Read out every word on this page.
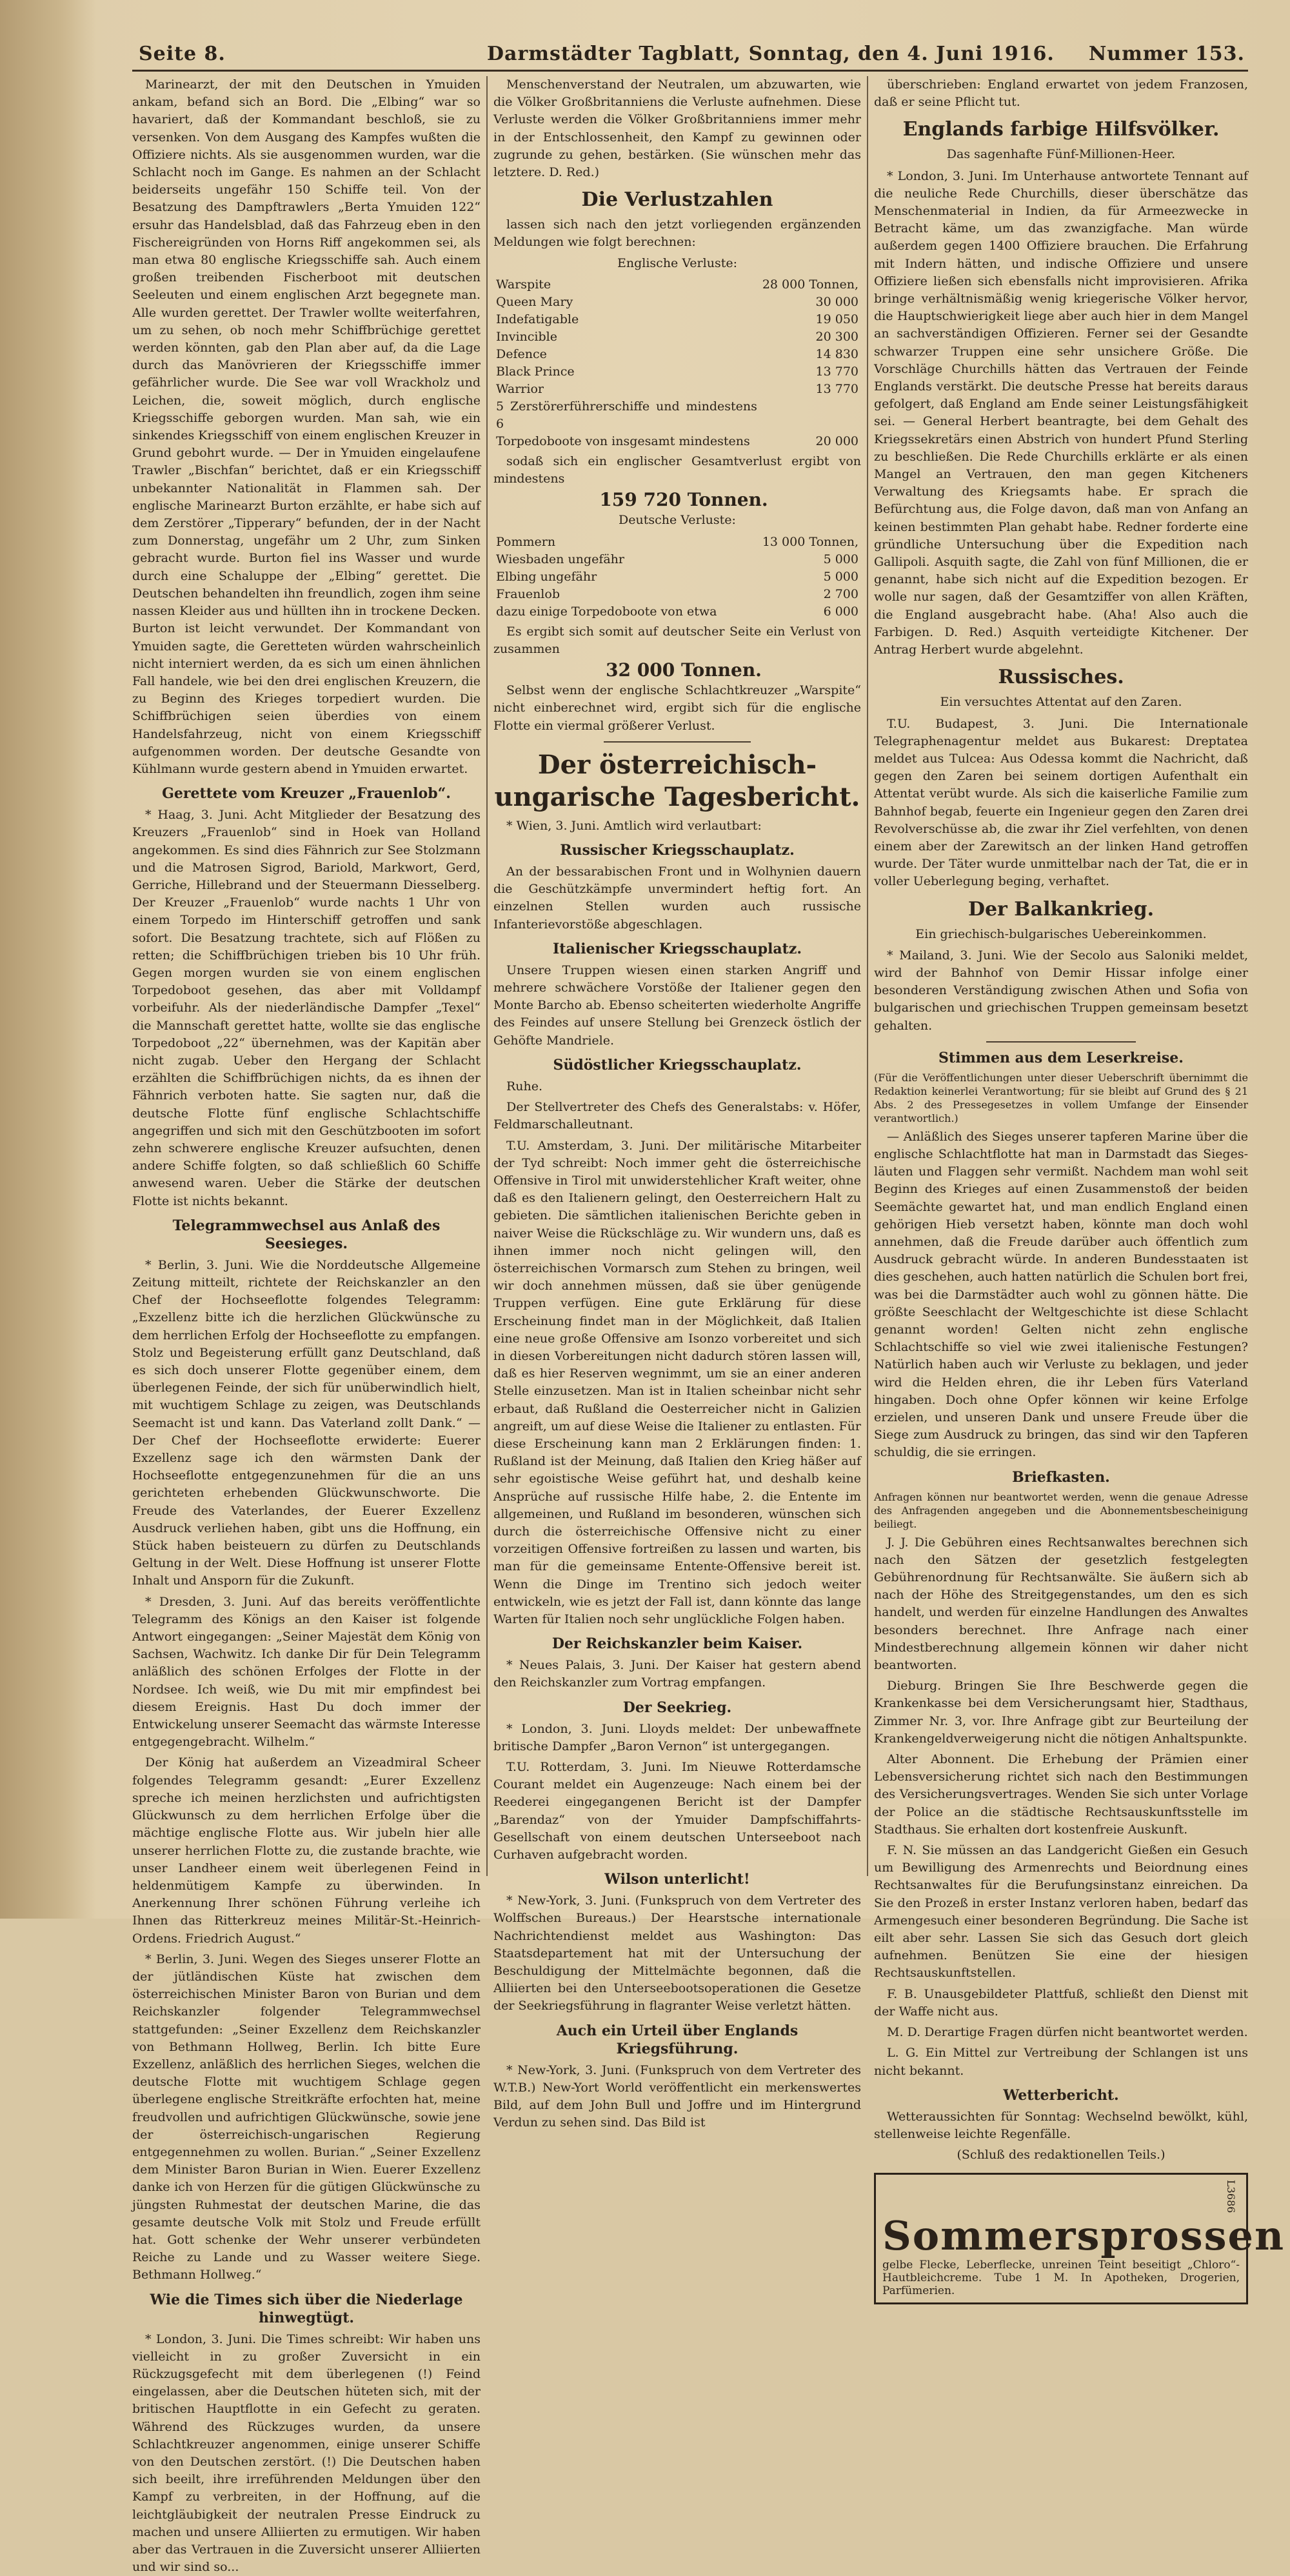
Seite 8.	Darmstädter Tagblatt, Sonntag, den 4. Juni 1916. Nummer 153.

Marinearzt, der mit den Deutschen in Ymuiden ankam, befand sich an Bord. Die „Elbing“ war so havariert, daß der Kommandant beschloß, sie zu versenken. Von dem Ausgang des Kampfes wußten die Offiziere nichts. Als sie ausgenommen wurden, war die Schlacht noch im Gange. Es nahmen an der Schlacht beiderseits ungefähr 150 Schiffe teil. Von der Besatzung des Dampftrawlers „Berta Ymuiden 122“ ersuhr das Handelsblad, daß das Fahrzeug eben in den Fischereigründen von Horns Riff angekommen sei, als man etwa 80 englische Kriegsschiffe sah. Auch einem großen treibenden Fischerboot mit deutschen Seeleuten und einem englischen Arzt begegnete man. Alle wurden gerettet. Der Trawler wollte weiterfahren, um zu sehen, ob noch mehr Schiffbrüchige gerettet werden könnten, gab den Plan aber auf, da die Lage durch das Manövrieren der Kriegsschiffe immer gefährlicher wurde. Die See war voll Wrackholz und Leichen, die, soweit möglich, durch englische Kriegsschiffe geborgen wurden. Man sah, wie ein sinkendes Kriegsschiff von einem englischen Kreuzer in Grund gebohrt wurde. — Der in Ymuiden eingelaufene Trawler „Bischfan“ berichtet, daß er ein Kriegsschiff unbekannter Nationalität in Flammen sah. Der englische Marinearzt Burton erzählte, er habe sich auf dem Zerstörer „Tipperary“ befunden, der in der Nacht zum Donnerstag, ungefähr um 2 Uhr, zum Sinken gebracht wurde. Burton fiel ins Wasser und wurde durch eine Schaluppe der „Elbing“ gerettet. Die Deutschen behandelten ihn freundlich, zogen ihm seine nassen Kleider aus und hüllten ihn in trockene Decken. Burton ist leicht verwundet. Der Kommandant von Ymuiden sagte, die Geretteten würden wahrscheinlich nicht interniert werden, da es sich um einen ähnlichen Fall handele, wie bei den drei englischen Kreuzern, die zu Beginn des Krieges torpediert wurden. Die Schiffbrüchigen seien überdies von einem Handelsfahrzeug, nicht von einem Kriegsschiff aufgenommen worden. Der deutsche Gesandte von Kühlmann wurde gestern abend in Ymuiden erwartet.

Gerettete vom Kreuzer „Frauenlob“.

* Haag, 3. Juni. Acht Mitglieder der Besatzung des Kreuzers „Frauenlob“ sind in Hoek van Holland angekommen. Es sind dies Fähnrich zur See Stolzmann und die Matrosen Sigrod, Bariold, Markwort, Gerd, Gerriche, Hillebrand und der Steuermann Diesselberg. Der Kreuzer „Frauenlob“ wurde nachts 1 Uhr von einem Torpedo im Hinterschiff getroffen und sank sofort. Die Besatzung trachtete, sich auf Flößen zu retten; die Schiffbrüchigen trieben bis 10 Uhr früh. Gegen morgen wurden sie von einem englischen Torpedoboot gesehen, das aber mit Volldampf vorbeifuhr. Als der niederländische Dampfer „Texel“ die Mannschaft gerettet hatte, wollte sie das englische Torpedoboot „22“ übernehmen, was der Kapitän aber nicht zugab. Ueber den Hergang der Schlacht erzählten die Schiffbrüchigen nichts, da es ihnen der Fähnrich verboten hatte. Sie sagten nur, daß die deutsche Flotte fünf englische Schlachtschiffe angegriffen und sich mit den Geschützbooten im sofort zehn schwerere englische Kreuzer aufsuchten, denen andere Schiffe folgten, so daß schließlich 60 Schiffe anwesend waren. Ueber die Stärke der deutschen Flotte ist nichts bekannt.

Telegrammwechsel aus Anlaß des Seesieges.

* Berlin, 3. Juni. Wie die Norddeutsche Allgemeine Zeitung mitteilt, richtete der Reichskanzler an den Chef der Hochseeflotte folgendes Telegramm: „Exzellenz bitte ich die herzlichen Glückwünsche zu dem herrlichen Erfolg der Hochseeflotte zu empfangen. Stolz und Begeisterung erfüllt ganz Deutschland, daß es sich doch unserer Flotte gegenüber einem, dem überlegenen Feinde, der sich für unüberwindlich hielt, mit wuchtigem Schlage zu zeigen, was Deutschlands Seemacht ist und kann. Das Vaterland zollt Dank.“ — Der Chef der Hochseeflotte erwiderte: Euerer Exzellenz sage ich den wärmsten Dank der Hochseeflotte entgegenzunehmen für die an uns gerichteten erhebenden Glückwunschworte. Die Freude des Vaterlandes, der Euerer Exzellenz Ausdruck verliehen haben, gibt uns die Hoffnung, ein Stück haben beisteuern zu dürfen zu Deutschlands Geltung in der Welt. Diese Hoffnung ist unserer Flotte Inhalt und Ansporn für die Zukunft.

* Dresden, 3. Juni. Auf das bereits veröffentlichte Telegramm des Königs an den Kaiser ist folgende Antwort eingegangen: „Seiner Majestät dem König von Sachsen, Wachwitz. Ich danke Dir für Dein Telegramm anläßlich des schönen Erfolges der Flotte in der Nordsee. Ich weiß, wie Du mit mir empfindest bei diesem Ereignis. Hast Du doch immer der Entwickelung unserer Seemacht das wärmste Interesse entgegengebracht. Wilhelm.“

Der König hat außerdem an Vizeadmiral Scheer folgendes Telegramm gesandt: „Eurer Exzellenz spreche ich meinen herzlichsten und aufrichtigsten Glückwunsch zu dem herrlichen Erfolge über die mächtige englische Flotte aus. Wir jubeln hier alle unserer herrlichen Flotte zu, die zustande brachte, wie unser Landheer einem weit überlegenen Feind in heldenmütigem Kampfe zu überwinden. In Anerkennung Ihrer schönen Führung verleihe ich Ihnen das Ritterkreuz meines Militär-St.-Heinrich-Ordens. Friedrich August.“

* Berlin, 3. Juni. Wegen des Sieges unserer Flotte an der jütländischen Küste hat zwischen dem österreichischen Minister Baron von Burian und dem Reichskanzler folgender Telegrammwechsel stattgefunden: „Seiner Exzellenz dem Reichskanzler von Bethmann Hollweg, Berlin. Ich bitte Eure Exzellenz, anläßlich des herrlichen Sieges, welchen die deutsche Flotte mit wuchtigem Schlage gegen überlegene englische Streitkräfte erfochten hat, meine freudvollen und aufrichtigen Glückwünsche, sowie jene der österreichisch-ungarischen Regierung entgegennehmen zu wollen. Burian.“ „Seiner Exzellenz dem Minister Baron Burian in Wien. Euerer Exzellenz danke ich von Herzen für die gütigen Glückwünsche zu jüngsten Ruhmestat der deutschen Marine, die das gesamte deutsche Volk mit Stolz und Freude erfüllt hat. Gott schenke der Wehr unserer verbündeten Reiche zu Lande und zu Wasser weitere Siege. Bethmann Hollweg.“

Wie die Times sich über die Niederlage hinwegtügt.

* London, 3. Juni. Die Times schreibt: Wir haben uns vielleicht in zu großer Zuversicht in ein Rückzugsgefecht mit dem überlegenen (!) Feind eingelassen, aber die Deutschen hüteten sich, mit der britischen Hauptflotte in ein Gefecht zu geraten. Während des Rückzuges wurden, da unsere Schlachtkreuzer angenommen, einige unserer Schiffe von den Deutschen zerstört. (!) Die Deutschen haben sich beeilt, ihre irreführenden Meldungen über den Kampf zu verbreiten, in der Hoffnung, auf die leichtgläubigkeit der neutralen Presse Eindruck zu machen und unsere Alliierten zu ermutigen. Wir haben aber das Vertrauen in die Zuversicht unserer Alliierten und wir sind so...

Menschenverstand der Neutralen, um abzuwarten, wie die Völker Großbritanniens die Verluste aufnehmen. Diese Verluste werden die Völker Großbritanniens immer mehr in der Entschlossenheit, den Kampf zu gewinnen oder zugrunde zu gehen, bestärken. (Sie wünschen mehr das letztere. D. Red.)

Die Verlustzahlen

lassen sich nach den jetzt vorliegenden ergänzenden Meldungen wie folgt berechnen:

Englische Verluste:

Warspite	28 000 Tonnen,
Queen Mary	30 000
Indefatigable	19 050
Invincible	20 300
Defence	14 830
Black Prince	13 770
Warrior	13 770
5 Zerstörerführerschiffe und mindestens 6	
Torpedoboote von insgesamt mindestens	20 000

sodaß sich ein englischer Gesamtverlust ergibt von mindestens

159 720 Tonnen.

Deutsche Verluste:

Pommern	13 000 Tonnen,
Wiesbaden ungefähr	5 000
Elbing ungefähr	5 000
Frauenlob	2 700
dazu einige Torpedoboote von etwa	6 000

Es ergibt sich somit auf deutscher Seite ein Verlust von zusammen

32 000 Tonnen.

Selbst wenn der englische Schlachtkreuzer „Warspite“ nicht einberechnet wird, ergibt sich für die englische Flotte ein viermal größerer Verlust.

Der österreichisch-ungarische Tagesbericht.

* Wien, 3. Juni. Amtlich wird verlautbart:

Russischer Kriegsschauplatz.

An der bessarabischen Front und in Wolhynien dauern die Geschützkämpfe unvermindert heftig fort. An einzelnen Stellen wurden auch russische Infanterievorstöße abgeschlagen.

Italienischer Kriegsschauplatz.

Unsere Truppen wiesen einen starken Angriff und mehrere schwächere Vorstöße der Italiener gegen den Monte Barcho ab. Ebenso scheiterten wiederholte Angriffe des Feindes auf unsere Stellung bei Grenzeck östlich der Gehöfte Mandriele.

Südöstlicher Kriegsschauplatz.

Ruhe.

Der Stellvertreter des Chefs des Generalstabs: v. Höfer, Feldmarschalleutnant.

T.U. Amsterdam, 3. Juni. Der militärische Mitarbeiter der Tyd schreibt: Noch immer geht die österreichische Offensive in Tirol mit unwiderstehlicher Kraft weiter, ohne daß es den Italienern gelingt, den Oesterreichern Halt zu gebieten. Die sämtlichen italienischen Berichte geben in naiver Weise die Rückschläge zu. Wir wundern uns, daß es ihnen immer noch nicht gelingen will, den österreichischen Vormarsch zum Stehen zu bringen, weil wir doch annehmen müssen, daß sie über genügende Truppen verfügen. Eine gute Erklärung für diese Erscheinung findet man in der Möglichkeit, daß Italien eine neue große Offensive am Isonzo vorbereitet und sich in diesen Vorbereitungen nicht dadurch stören lassen will, daß es hier Reserven wegnimmt, um sie an einer anderen Stelle einzusetzen. Man ist in Italien scheinbar nicht sehr erbaut, daß Rußland die Oesterreicher nicht in Galizien angreift, um auf diese Weise die Italiener zu entlasten. Für diese Erscheinung kann man 2 Erklärungen finden: 1. Rußland ist der Meinung, daß Italien den Krieg häßer auf sehr egoistische Weise geführt hat, und deshalb keine Ansprüche auf russische Hilfe habe, 2. die Entente im allgemeinen, und Rußland im besonderen, wünschen sich durch die österreichische Offensive nicht zu einer vorzeitigen Offensive fortreißen zu lassen und warten, bis man für die gemeinsame Entente-Offensive bereit ist. Wenn die Dinge im Trentino sich jedoch weiter entwickeln, wie es jetzt der Fall ist, dann könnte das lange Warten für Italien noch sehr unglückliche Folgen haben.

Der Reichskanzler beim Kaiser.

* Neues Palais, 3. Juni. Der Kaiser hat gestern abend den Reichskanzler zum Vortrag empfangen.

Der Seekrieg.

* London, 3. Juni. Lloyds meldet: Der unbewaffnete britische Dampfer „Baron Vernon“ ist untergegangen.

T.U. Rotterdam, 3. Juni. Im Nieuwe Rotterdamsche Courant meldet ein Augenzeuge: Nach einem bei der Reederei eingegangenen Bericht ist der Dampfer „Barendaz“ von der Ymuider Dampfschiffahrts-Gesellschaft von einem deutschen Unterseeboot nach Curhaven aufgebracht worden.

Wilson unterlicht!

* New-York, 3. Juni. (Funkspruch von dem Vertreter des Wolffschen Bureaus.) Der Hearstsche internationale Nachrichtendienst meldet aus Washington: Das Staatsdepartement hat mit der Untersuchung der Beschuldigung der Mittelmächte begonnen, daß die Alliierten bei den Unterseebootsoperationen die Gesetze der Seekriegsführung in flagranter Weise verletzt hätten.

Auch ein Urteil über Englands Kriegsführung.

* New-York, 3. Juni. (Funkspruch von dem Vertreter des W.T.B.) New-Yort World veröffentlicht ein merkenswertes Bild, auf dem John Bull und Joffre und im Hintergrund Verdun zu sehen sind. Das Bild ist

überschrieben: England erwartet von jedem Franzosen, daß er seine Pflicht tut.

Englands farbige Hilfsvölker.

Das sagenhafte Fünf-Millionen-Heer.

* London, 3. Juni. Im Unterhause antwortete Tennant auf die neuliche Rede Churchills, dieser überschätze das Menschenmaterial in Indien, da für Armeezwecke in Betracht käme, um das zwanzigfache. Man würde außerdem gegen 1400 Offiziere brauchen. Die Erfahrung mit Indern hätten, und indische Offiziere und unsere Offiziere ließen sich ebensfalls nicht improvisieren. Afrika bringe verhältnismäßig wenig kriegerische Völker hervor, die Hauptschwierigkeit liege aber auch hier in dem Mangel an sachverständigen Offizieren. Ferner sei der Gesandte schwarzer Truppen eine sehr unsichere Größe. Die Vorschläge Churchills hätten das Vertrauen der Feinde Englands verstärkt. Die deutsche Presse hat bereits daraus gefolgert, daß England am Ende seiner Leistungsfähigkeit sei. — General Herbert beantragte, bei dem Gehalt des Kriegssekretärs einen Abstrich von hundert Pfund Sterling zu beschließen. Die Rede Churchills erklärte er als einen Mangel an Vertrauen, den man gegen Kitcheners Verwaltung des Kriegsamts habe. Er sprach die Befürchtung aus, die Folge davon, daß man von Anfang an keinen bestimmten Plan gehabt habe. Redner forderte eine gründliche Untersuchung über die Expedition nach Gallipoli. Asquith sagte, die Zahl von fünf Millionen, die er genannt, habe sich nicht auf die Expedition bezogen. Er wolle nur sagen, daß der Gesamtziffer von allen Kräften, die England ausgebracht habe. (Aha! Also auch die Farbigen. D. Red.) Asquith verteidigte Kitchener. Der Antrag Herbert wurde abgelehnt.

Russisches.

Ein versuchtes Attentat auf den Zaren.

T.U. Budapest, 3. Juni. Die Internationale Telegraphenagentur meldet aus Bukarest: Dreptatea meldet aus Tulcea: Aus Odessa kommt die Nachricht, daß gegen den Zaren bei seinem dortigen Aufenthalt ein Attentat verübt wurde. Als sich die kaiserliche Familie zum Bahnhof begab, feuerte ein Ingenieur gegen den Zaren drei Revolverschüsse ab, die zwar ihr Ziel verfehlten, von denen einem aber der Zarewitsch an der linken Hand getroffen wurde. Der Täter wurde unmittelbar nach der Tat, die er in voller Ueberlegung beging, verhaftet.

Der Balkankrieg.

Ein griechisch-bulgarisches Uebereinkommen.

* Mailand, 3. Juni. Wie der Secolo aus Saloniki meldet, wird der Bahnhof von Demir Hissar infolge einer besonderen Verständigung zwischen Athen und Sofia von bulgarischen und griechischen Truppen gemeinsam besetzt gehalten.

Stimmen aus dem Leserkreise.

(Für die Veröffentlichungen unter dieser Ueberschrift übernimmt die Redaktion keinerlei Verantwortung; für sie bleibt auf Grund des § 21 Abs. 2 des Pressegesetzes in vollem Umfange der Einsender verantwortlich.)

— Anläßlich des Sieges unserer tapferen Marine über die englische Schlachtflotte hat man in Darmstadt das Sieges-läuten und Flaggen sehr vermißt. Nachdem man wohl seit Beginn des Krieges auf einen Zusammenstoß der beiden Seemächte gewartet hat, und man endlich England einen gehörigen Hieb versetzt haben, könnte man doch wohl annehmen, daß die Freude darüber auch öffentlich zum Ausdruck gebracht würde. In anderen Bundesstaaten ist dies geschehen, auch hatten natürlich die Schulen bort frei, was bei die Darmstädter auch wohl zu gönnen hätte. Die größte Seeschlacht der Weltgeschichte ist diese Schlacht genannt worden! Gelten nicht zehn englische Schlachtschiffe so viel wie zwei italienische Festungen? Natürlich haben auch wir Verluste zu beklagen, und jeder wird die Helden ehren, die ihr Leben fürs Vaterland hingaben. Doch ohne Opfer können wir keine Erfolge erzielen, und unseren Dank und unsere Freude über die Siege zum Ausdruck zu bringen, das sind wir den Tapferen schuldig, die sie erringen.

Briefkasten.

Anfragen können nur beantwortet werden, wenn die genaue Adresse des Anfragenden angegeben und die Abonnementsbescheinigung beiliegt.

J. J. Die Gebühren eines Rechtsanwaltes berechnen sich nach den Sätzen der gesetzlich festgelegten Gebührenordnung für Rechtsanwälte. Sie äußern sich ab nach der Höhe des Streitgegenstandes, um den es sich handelt, und werden für einzelne Handlungen des Anwaltes besonders berechnet. Ihre Anfrage nach einer Mindestberechnung allgemein können wir daher nicht beantworten.

Dieburg. Bringen Sie Ihre Beschwerde gegen die Krankenkasse bei dem Versicherungsamt hier, Stadthaus, Zimmer Nr. 3, vor. Ihre Anfrage gibt zur Beurteilung der Krankengeldverweigerung nicht die nötigen Anhaltspunkte.

Alter Abonnent. Die Erhebung der Prämien einer Lebensversicherung richtet sich nach den Bestimmungen des Versicherungsvertrages. Wenden Sie sich unter Vorlage der Police an die städtische Rechtsauskunftsstelle im Stadthaus. Sie erhalten dort kostenfreie Auskunft.

F. N. Sie müssen an das Landgericht Gießen ein Gesuch um Bewilligung des Armenrechts und Beiordnung eines Rechtsanwaltes für die Berufungsinstanz einreichen. Da Sie den Prozeß in erster Instanz verloren haben, bedarf das Armengesuch einer besonderen Begründung. Die Sache ist eilt aber sehr. Lassen Sie sich das Gesuch dort gleich aufnehmen. Benützen Sie eine der hiesigen Rechtsauskunftstellen.

F. B. Unausgebildeter Plattfuß, schließt den Dienst mit der Waffe nicht aus.

M. D. Derartige Fragen dürfen nicht beantwortet werden.

L. G. Ein Mittel zur Vertreibung der Schlangen ist uns nicht bekannt.

Wetterbericht.

Wetteraussichten für Sonntag: Wechselnd bewölkt, kühl, stellenweise leichte Regenfälle.

(Schluß des redaktionellen Teils.)

L3686
Sommersprossen
gelbe Flecke, Leberflecke, unreinen Teint beseitigt „Chloro“-Hautbleichcreme. Tube 1 M. In Apotheken, Drogerien, Parfümerien.
